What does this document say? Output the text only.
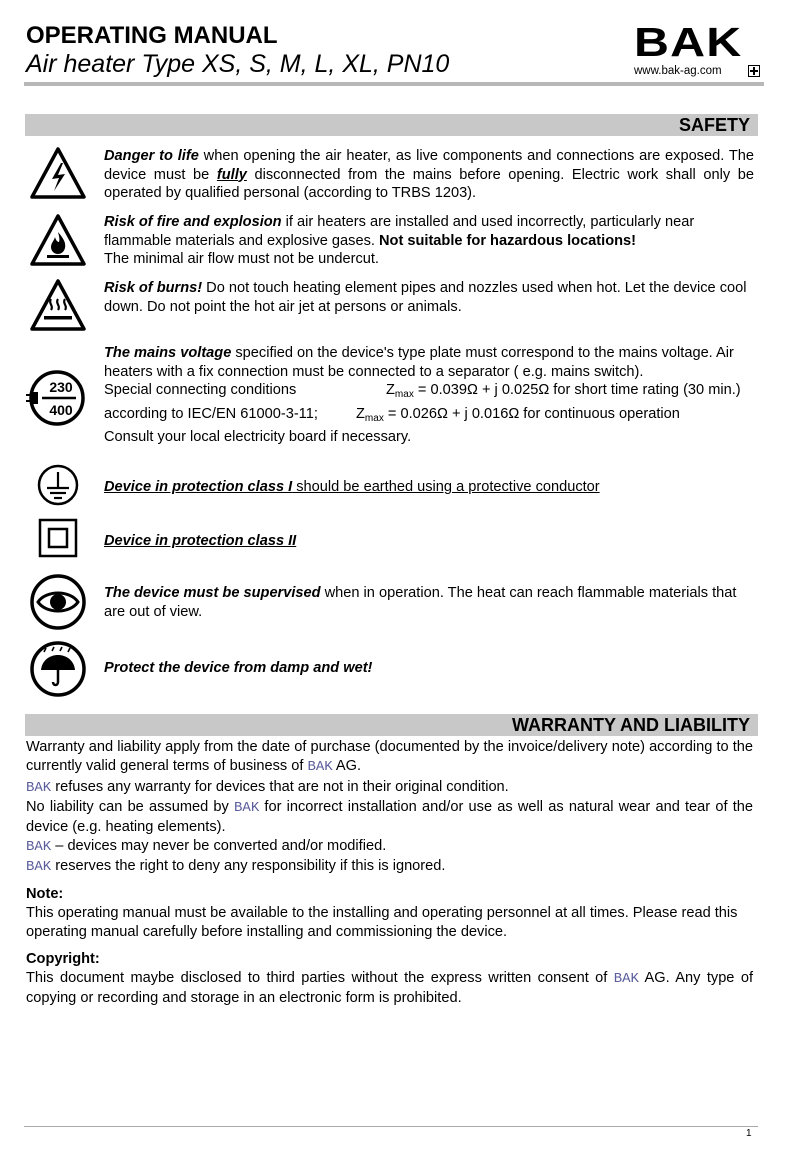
OPERATING MANUAL
Air heater Type XS, S, M, L, XL, PN10	BAK
www.bak-ag.com
SAFETY
Danger to life when opening the air heater, as live components and connections are exposed. The device must be fully disconnected from the mains before opening. Electric work shall only be operated by qualified personal (according to TRBS 1203).
Risk of fire and explosion if air heaters are installed and used incorrectly, particularly near flammable materials and explosive gases. Not suitable for hazardous locations!
The minimal air flow must not be undercut.
Risk of burns! Do not touch heating element pipes and nozzles used when hot. Let the device cool down. Do not point the hot air jet at persons or animals.
230
400
The mains voltage specified on the device's type plate must correspond to the mains voltage. Air heaters with a fix connection must be connected to a separator ( e.g. mains switch).
Special connecting conditions	$Z_{max} = 0.039\Omega + j$ 0.025Ω for short time rating (30 min.)
according to IEC/EN 61000-3-11;	$Z_{max} = 0.026\Omega + j$ 0.016Ω for continuous operation
Consult your local electricity board if necessary.
Device in protection class I should be earthed using a protective conductor
Device in protection class II
The device must be supervised when in operation. The heat can reach flammable materials that are out of view.
Protect the device from damp and wet!
WARRANTY AND LIABILITY
Warranty and liability apply from the date of purchase (documented by the invoice/delivery note) according to the currently valid general terms of business of BAK AG.
BAK refuses any warranty for devices that are not in their original condition.
No liability can be assumed by BAK for incorrect installation and/or use as well as natural wear and tear of the device (e.g. heating elements).
BAK – devices may never be converted and/or modified.
BAK reserves the right to deny any responsibility if this is ignored.
Note:
This operating manual must be available to the installing and operating personnel at all times. Please read this operating manual carefully before installing and commissioning the device.
Copyright:
This document maybe disclosed to third parties without the express written consent of BAK AG. Any type of copying or recording and storage in an electronic form is prohibited.
1
